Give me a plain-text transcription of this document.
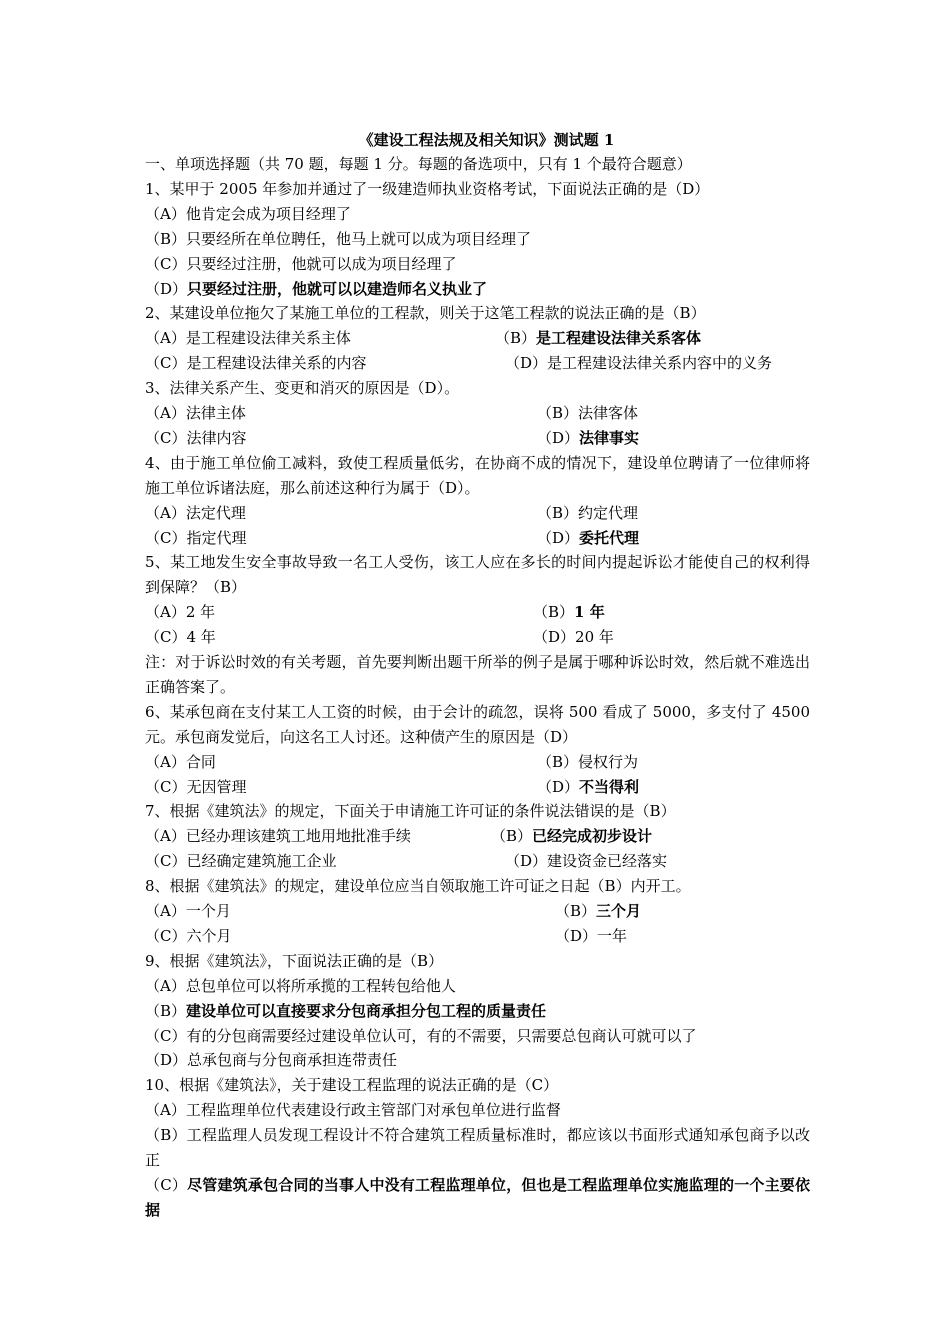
《建设工程法规及相关知识》测试题 1
一、单项选择题（共 70 题，每题 1 分。每题的备选项中，只有 1 个最符合题意）
1、某甲于 2005 年参加并通过了一级建造师执业资格考试，下面说法正确的是（D）
（A）他肯定会成为项目经理了
（B）只要经所在单位聘任，他马上就可以成为项目经理了
（C）只要经过注册，他就可以成为项目经理了
（D）只要经过注册，他就可以以建造师名义执业了
2、某建设单位拖欠了某施工单位的工程款，则关于这笔工程款的说法正确的是（B）
（A）是工程建设法律关系主体	（B）是工程建设法律关系客体
（C）是工程建设法律关系的内容	（D）是工程建设法律关系内容中的义务
3、法律关系产生、变更和消灭的原因是（D）。
（A）法律主体	（B）法律客体
（C）法律内容	（D）法律事实
4、由于施工单位偷工减料，致使工程质量低劣，在协商不成的情况下，建设单位聘请了一位律师将施工单位诉诸法庭，那么前述这种行为属于（D）。
（A）法定代理	（B）约定代理
（C）指定代理	（D）委托代理
5、某工地发生安全事故导致一名工人受伤，该工人应在多长的时间内提起诉讼才能使自己的权利得到保障？（B）
（A）2 年	（B）1 年
（C）4 年	（D）20 年
注：对于诉讼时效的有关考题，首先要判断出题干所举的例子是属于哪种诉讼时效，然后就不难选出正确答案了。
6、某承包商在支付某工人工资的时候，由于会计的疏忽，误将 500 看成了 5000，多支付了 4500 元。承包商发觉后，向这名工人讨还。这种债产生的原因是（D）
（A）合同	（B）侵权行为
（C）无因管理	（D）不当得利
7、根据《建筑法》的规定，下面关于申请施工许可证的条件说法错误的是（B）
（A）已经办理该建筑工地用地批准手续	（B）已经完成初步设计
（C）已经确定建筑施工企业	（D）建设资金已经落实
8、根据《建筑法》的规定，建设单位应当自领取施工许可证之日起（B）内开工。
（A）一个月	（B）三个月
（C）六个月	（D）一年
9、根据《建筑法》，下面说法正确的是（B）
（A）总包单位可以将所承揽的工程转包给他人
（B）建设单位可以直接要求分包商承担分包工程的质量责任
（C）有的分包商需要经过建设单位认可，有的不需要，只需要总包商认可就可以了
（D）总承包商与分包商承担连带责任
10、根据《建筑法》，关于建设工程监理的说法正确的是（C）
（A）工程监理单位代表建设行政主管部门对承包单位进行监督
（B）工程监理人员发现工程设计不符合建筑工程质量标准时，都应该以书面形式通知承包商予以改正
（C）尽管建筑承包合同的当事人中没有工程监理单位，但也是工程监理单位实施监理的一个主要依据
